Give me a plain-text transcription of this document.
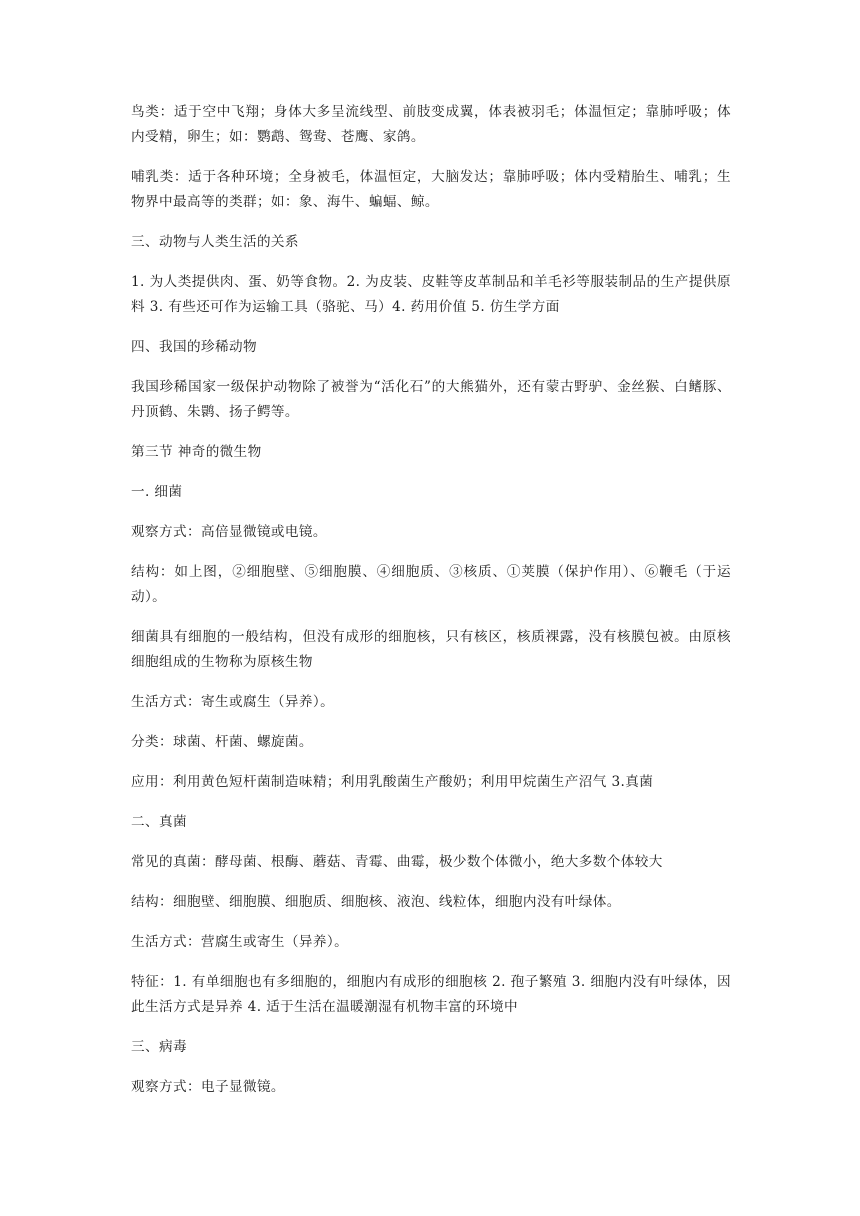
鸟类：适于空中飞翔；身体大多呈流线型、前肢变成翼，体表被羽毛；体温恒定；靠肺呼吸；体内受精，卵生；如：鹦鹉、鸳鸯、苍鹰、家鸽。

哺乳类：适于各种环境；全身被毛，体温恒定，大脑发达；靠肺呼吸；体内受精胎生、哺乳；生物界中最高等的类群；如：象、海牛、蝙蝠、鲸。

三、动物与人类生活的关系

1. 为人类提供肉、蛋、奶等食物。2. 为皮装、皮鞋等皮革制品和羊毛衫等服装制品的生产提供原料 3. 有些还可作为运输工具（骆驼、马）4. 药用价值 5. 仿生学方面

四、我国的珍稀动物

我国珍稀国家一级保护动物除了被誉为“活化石”的大熊猫外，还有蒙古野驴、金丝猴、白鳍豚、丹顶鹤、朱鹮、扬子鳄等。

第三节 神奇的微生物

一. 细菌

观察方式：高倍显微镜或电镜。

结构：如上图，②细胞壁、⑤细胞膜、④细胞质、③核质、①荚膜（保护作用）、⑥鞭毛（于运动）。

细菌具有细胞的一般结构，但没有成形的细胞核，只有核区，核质裸露，没有核膜包被。由原核细胞组成的生物称为原核生物

生活方式：寄生或腐生（异养）。

分类：球菌、杆菌、螺旋菌。

应用：利用黄色短杆菌制造味精；利用乳酸菌生产酸奶；利用甲烷菌生产沼气 3.真菌

二、真菌

常见的真菌：酵母菌、根酶、蘑菇、青霉、曲霉，极少数个体微小，绝大多数个体较大

结构：细胞壁、细胞膜、细胞质、细胞核、液泡、线粒体，细胞内没有叶绿体。

生活方式：营腐生或寄生（异养）。

特征：1. 有单细胞也有多细胞的，细胞内有成形的细胞核 2. 孢子繁殖 3. 细胞内没有叶绿体，因此生活方式是异养 4. 适于生活在温暖潮湿有机物丰富的环境中

三、病毒

观察方式：电子显微镜。
